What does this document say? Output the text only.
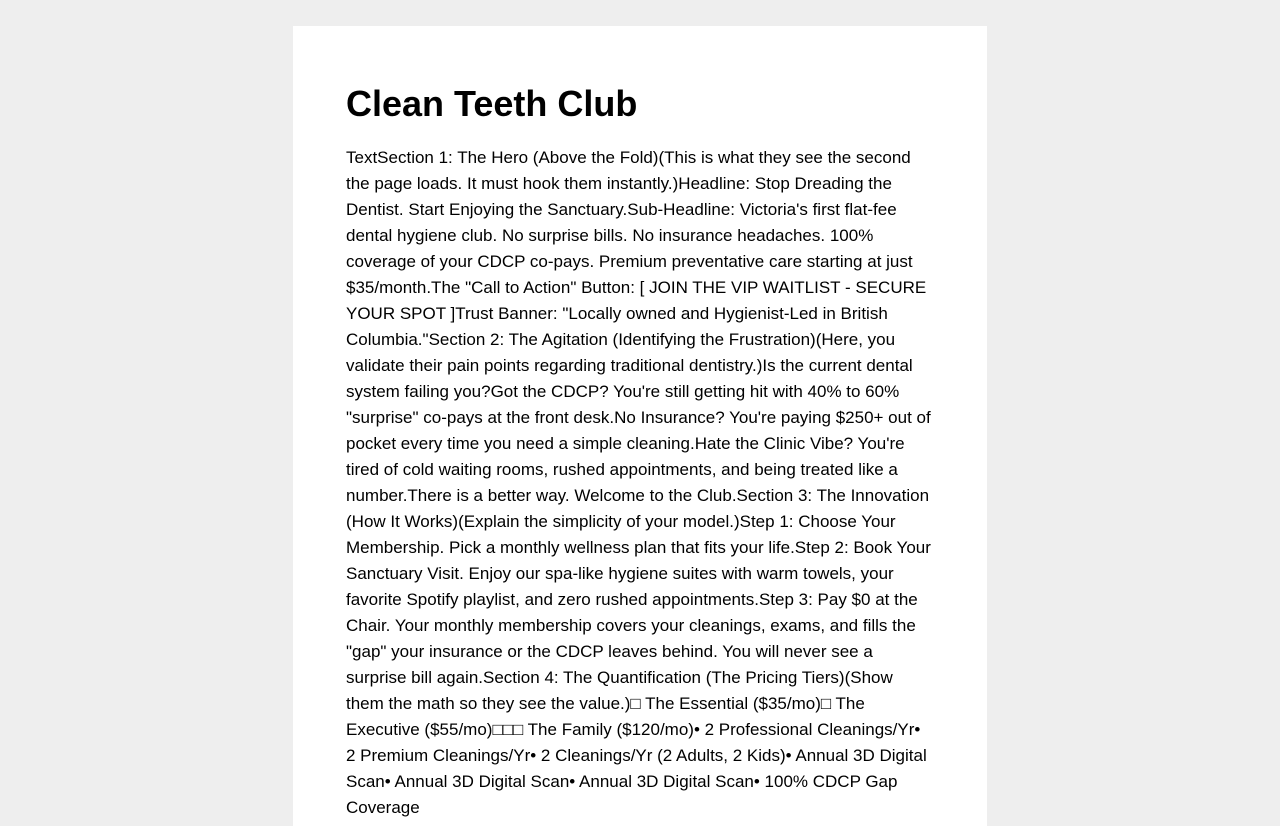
Clean Teeth Club
TextSection 1: The Hero (Above the Fold)(This is what they see the second the page loads. It must hook them instantly.)Headline: Stop Dreading the Dentist. Start Enjoying the Sanctuary.Sub-Headline: Victoria's first flat-fee dental hygiene club. No surprise bills. No insurance headaches. 100% coverage of your CDCP co-pays. Premium preventative care starting at just $35/month.The "Call to Action" Button: [ JOIN THE VIP WAITLIST - SECURE YOUR SPOT ]Trust Banner: "Locally owned and Hygienist-Led in British Columbia."Section 2: The Agitation (Identifying the Frustration)(Here, you validate their pain points regarding traditional dentistry.)Is the current dental system failing you?Got the CDCP? You're still getting hit with 40% to 60% "surprise" co-pays at the front desk.No Insurance? You're paying $250+ out of pocket every time you need a simple cleaning.Hate the Clinic Vibe? You're tired of cold waiting rooms, rushed appointments, and being treated like a number.There is a better way. Welcome to the Club.Section 3: The Innovation (How It Works)(Explain the simplicity of your model.)Step 1: Choose Your Membership. Pick a monthly wellness plan that fits your life.Step 2: Book Your Sanctuary Visit. Enjoy our spa-like hygiene suites with warm towels, your favorite Spotify playlist, and zero rushed appointments.Step 3: Pay $0 at the Chair. Your monthly membership covers your cleanings, exams, and fills the "gap" your insurance or the CDCP leaves behind. You will never see a surprise bill again.Section 4: The Quantification (The Pricing Tiers)(Show them the math so they see the value.)□ The Essential ($35/mo)□ The Executive ($55/mo)□□□ The Family ($120/mo)• 2 Professional Cleanings/Yr• 2 Premium Cleanings/Yr• 2 Cleanings/Yr (2 Adults, 2 Kids)• Annual 3D Digital Scan• Annual 3D Digital Scan• Annual 3D Digital Scan• 100% CDCP Gap Coverage
